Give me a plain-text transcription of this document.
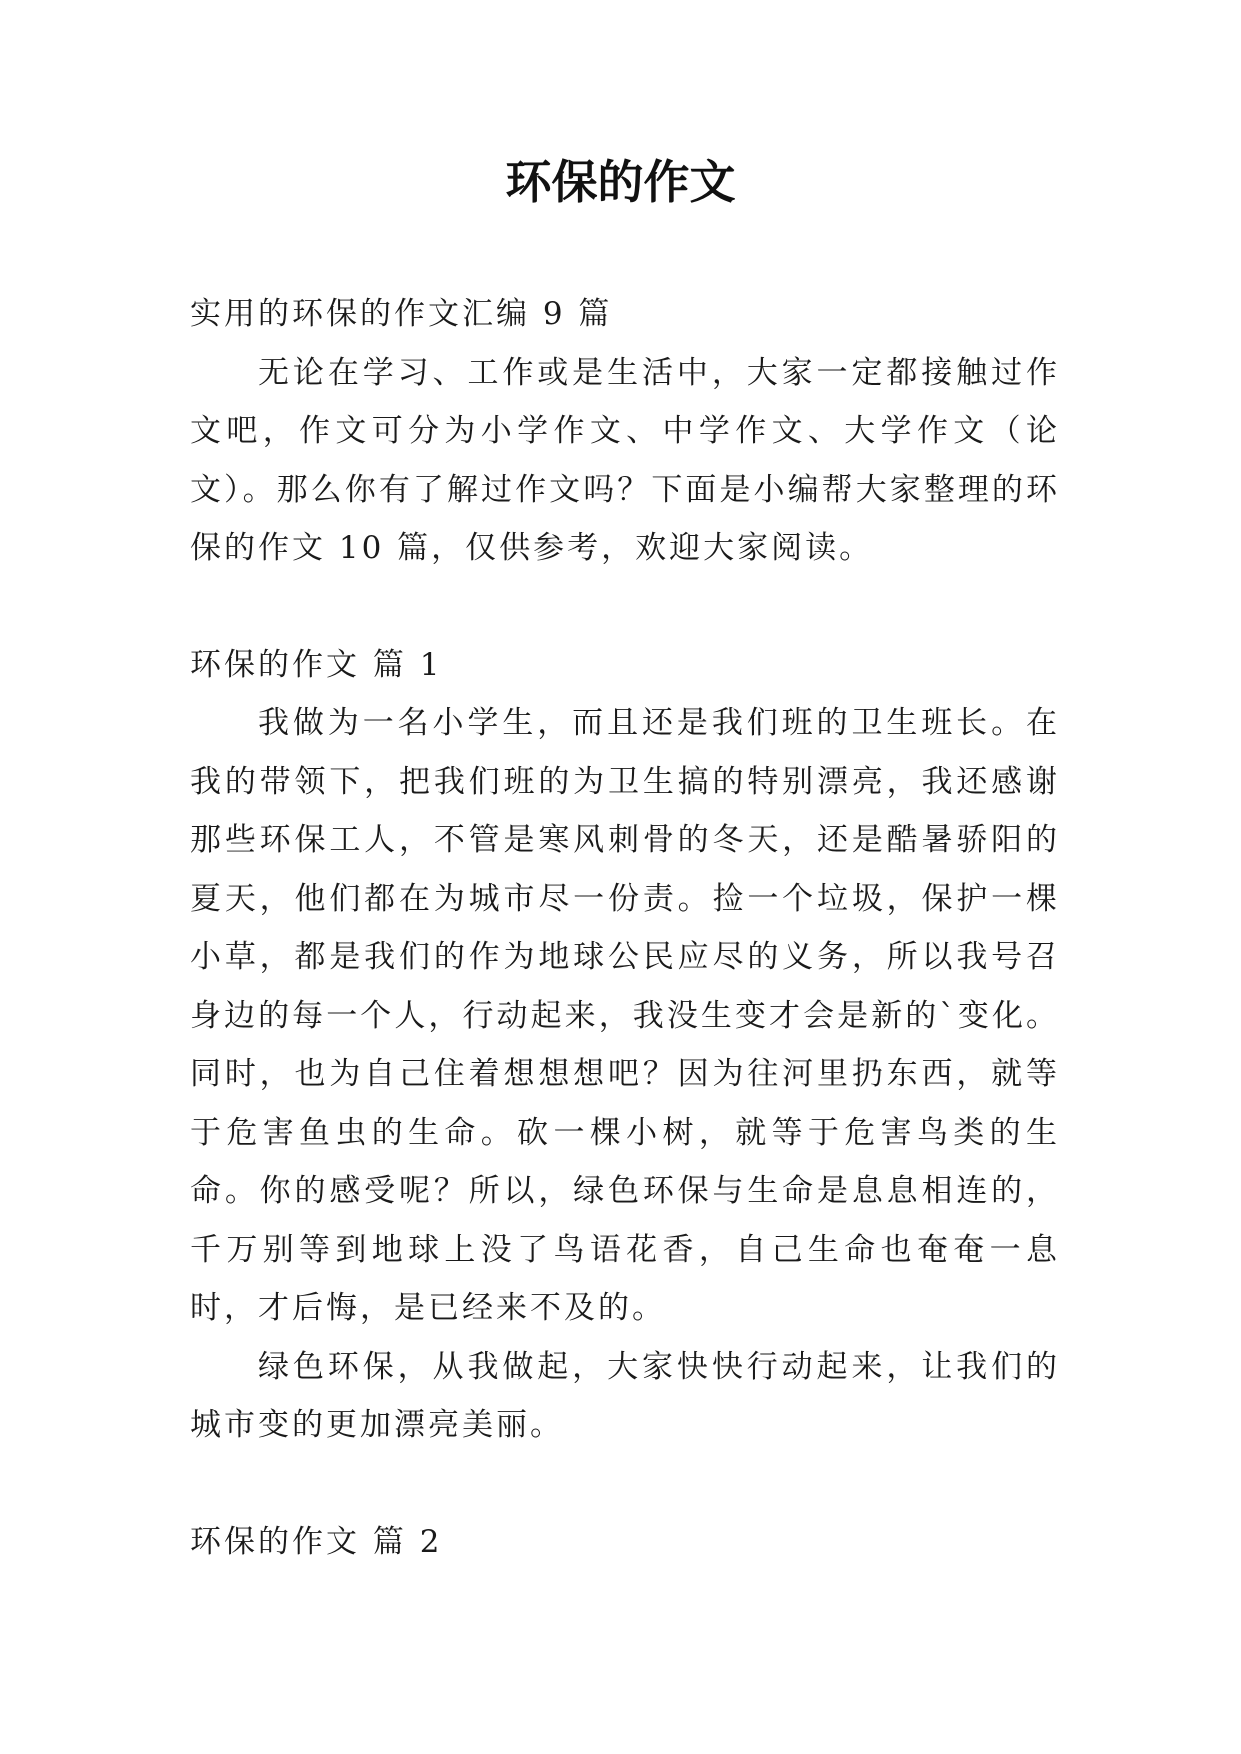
环保的作文

实用的环保的作文汇编 9 篇

无论在学习、工作或是生活中，大家一定都接触过作文吧，作文可分为小学作文、中学作文、大学作文（论文）。那么你有了解过作文吗？下面是小编帮大家整理的环保的作文 10 篇，仅供参考，欢迎大家阅读。

环保的作文 篇 1

我做为一名小学生，而且还是我们班的卫生班长。在我的带领下，把我们班的为卫生搞的特别漂亮，我还感谢那些环保工人，不管是寒风刺骨的冬天，还是酷暑骄阳的夏天，他们都在为城市尽一份责。捡一个垃圾，保护一棵小草，都是我们的作为地球公民应尽的义务，所以我号召身边的每一个人，行动起来，我没生变才会是新的`变化。同时，也为自己住着想想想吧？因为往河里扔东西，就等于危害鱼虫的生命。砍一棵小树，就等于危害鸟类的生命。你的感受呢？所以，绿色环保与生命是息息相连的，千万别等到地球上没了鸟语花香，自己生命也奄奄一息时，才后悔，是已经来不及的。

绿色环保，从我做起，大家快快行动起来，让我们的城市变的更加漂亮美丽。

环保的作文 篇 2
